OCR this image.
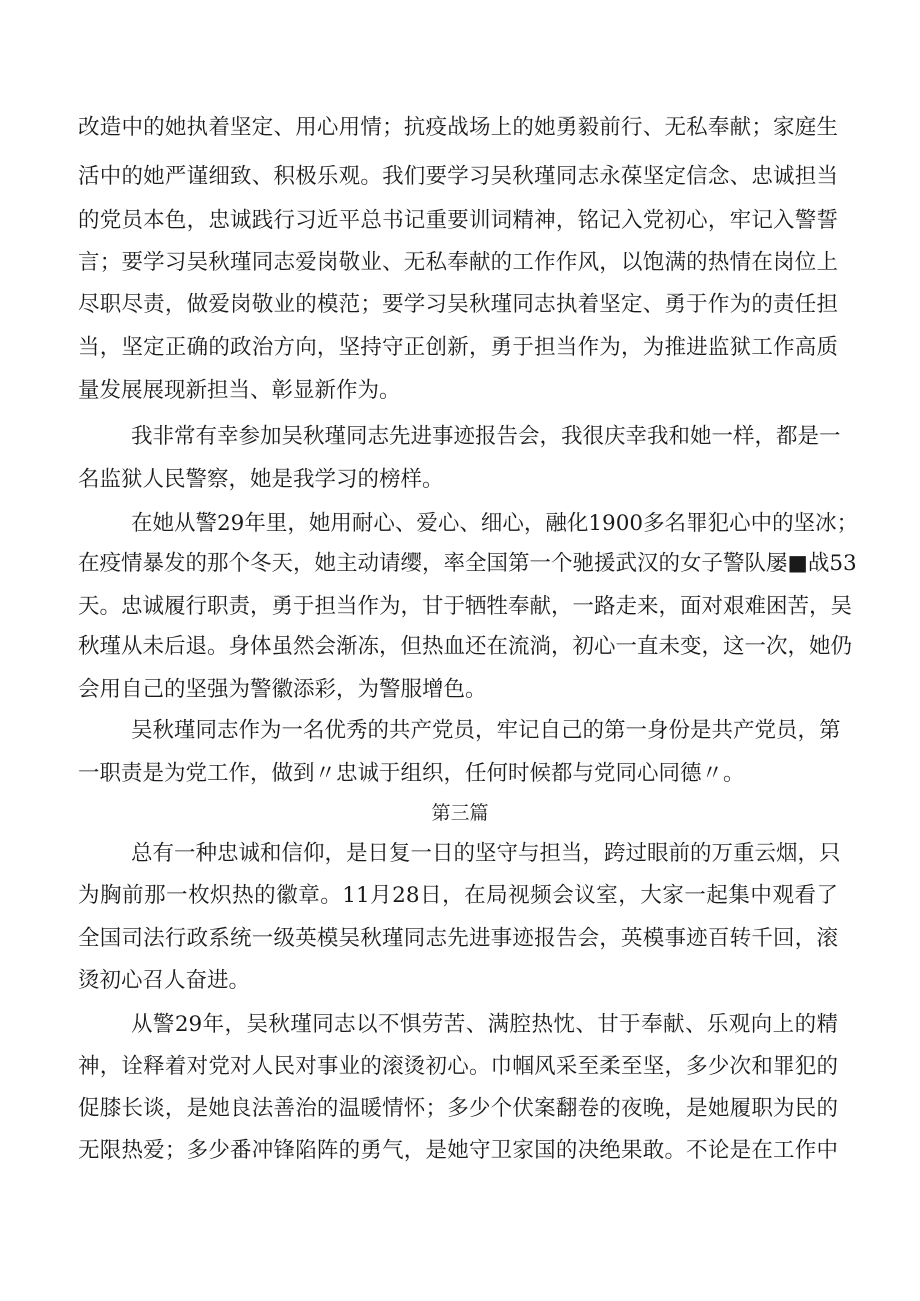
改造中的她执着坚定、用心用情；抗疫战场上的她勇毅前行、无私奉献；家庭生
活中的她严谨细致、积极乐观。我们要学习吴秋瑾同志永葆坚定信念、忠诚担当
的党员本色，忠诚践行习近平总书记重要训词精神，铭记入党初心，牢记入警誓
言；要学习吴秋瑾同志爱岗敬业、无私奉献的工作作风，以饱满的热情在岗位上
尽职尽责，做爱岗敬业的模范；要学习吴秋瑾同志执着坚定、勇于作为的责任担
当，坚定正确的政治方向，坚持守正创新，勇于担当作为，为推进监狱工作高质
量发展展现新担当、彰显新作为。
我非常有幸参加吴秋瑾同志先进事迹报告会，我很庆幸我和她一样，都是一
名监狱人民警察，她是我学习的榜样。
在她从警29年里，她用耐心、爱心、细心，融化1900多名罪犯心中的坚冰；
在疫情暴发的那个冬天，她主动请缨，率全国第一个驰援武汉的女子警队屡■战53
天。忠诚履行职责，勇于担当作为，甘于牺牲奉献，一路走来，面对艰难困苦，吴
秋瑾从未后退。身体虽然会渐冻，但热血还在流淌，初心一直未变，这一次，她仍
会用自己的坚强为警徽添彩，为警服增色。
吴秋瑾同志作为一名优秀的共产党员，牢记自己的第一身份是共产党员，第
一职责是为党工作，做到〃忠诚于组织，任何时候都与党同心同德〃。
第三篇
总有一种忠诚和信仰，是日复一日的坚守与担当，跨过眼前的万重云烟，只
为胸前那一枚炽热的徽章。11月28日，在局视频会议室，大家一起集中观看了
全国司法行政系统一级英模吴秋瑾同志先进事迹报告会，英模事迹百转千回，滚
烫初心召人奋进。
从警29年，吴秋瑾同志以不惧劳苦、满腔热忱、甘于奉献、乐观向上的精
神，诠释着对党对人民对事业的滚烫初心。巾帼风采至柔至坚，多少次和罪犯的
促膝长谈，是她良法善治的温暖情怀；多少个伏案翻卷的夜晚，是她履职为民的
无限热爱；多少番冲锋陷阵的勇气，是她守卫家国的决绝果敢。不论是在工作中
